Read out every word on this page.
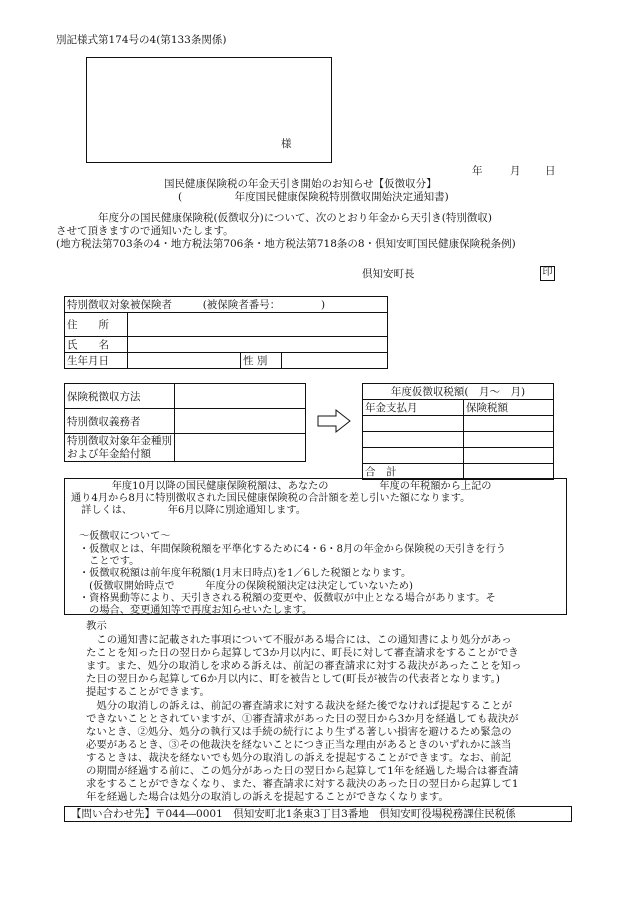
別記様式第174号の4(第133条関係)
様
年	月 日
国民健康保険税の年金天引き開始のお知らせ【仮徴収分】
(　　　　　年度国民健康保険税特別徴収開始決定通知書)
　　　　年度分の国民健康保険税(仮徴収分)について、次のとおり年金から天引き(特別徴収)
させて頂きますので通知いたします。
(地方税法第703条の4・地方税法第706条・地方税法第718条の8・倶知安町国民健康保険税条例)
倶知安町長	印
特別徴収対象被保険者 (被保険者番号： )			
住　　所			
氏　　名			
生年月日		性 別	
保険税徴収方法	
特別徴収義務者	

特別徴収対象年金種別
および年金給付額	

年度仮徴収税額(　月～　月)	
年金支払月	保険税額

合　計	
　　　　年度10月以降の国民健康保険税額は、あなたの　　　　　年度の年税額から上記の
通り4月から8月に特別徴収された国民健康保険税の合計額を差し引いた額になります。
　詳しくは、　　　　年6月以降に別途通知します。
～仮徴収について～
・仮徴収とは、年間保険税額を平準化するために4・6・8月の年金から保険税の天引きを行う
　ことです。
・仮徴収税額は前年度年税額(1月末日時点)を1／6した税額となります。
　(仮徴収開始時点で　　　年度分の保険税額決定は決定していないため)
・資格異動等により、天引きされる税額の変更や、仮徴収が中止となる場合があります。そ
　の場合、変更通知等で再度お知らせいたします。
教示
　この通知書に記載された事項について不服がある場合には、この通知書により処分があっ
たことを知った日の翌日から起算して3か月以内に、町長に対して審査請求をすることができ
ます。また、処分の取消しを求める訴えは、前記の審査請求に対する裁決があったことを知っ
た日の翌日から起算して6か月以内に、町を被告として(町長が被告の代表者となります。)
提起することができます。
　処分の取消しの訴えは、前記の審査請求に対する裁決を経た後でなければ提起することが
できないこととされていますが、①審査請求があった日の翌日から3か月を経過しても裁決が
ないとき、②処分、処分の執行又は手続の続行により生ずる著しい損害を避けるため緊急の
必要があるとき、③その他裁決を経ないことにつき正当な理由があるときのいずれかに該当
するときは、裁決を経ないでも処分の取消しの訴えを提起することができます。なお、前記
の期間が経過する前に、この処分があった日の翌日から起算して1年を経過した場合は審査請
求をすることができなくなり、また、審査請求に対する裁決のあった日の翌日から起算して1
年を経過した場合は処分の取消しの訴えを提起することができなくなります。
【問い合わせ先】〒044―0001　倶知安町北1条東3丁目3番地　倶知安町役場税務課住民税係
